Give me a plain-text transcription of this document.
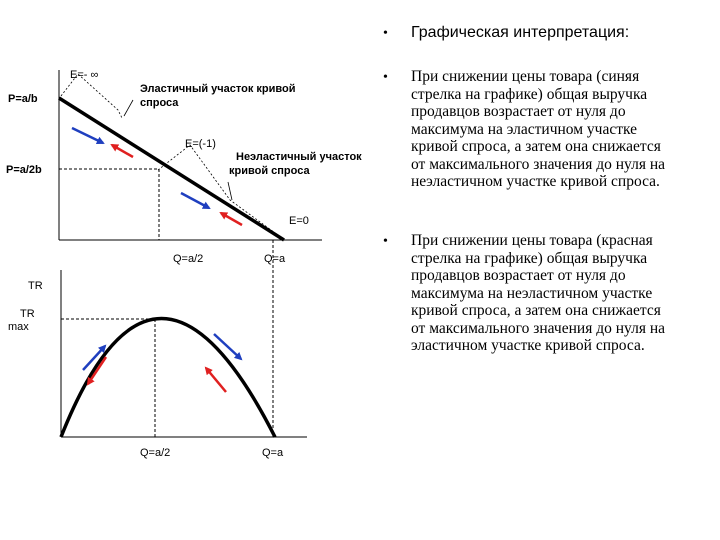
P=a/b
P=a/2b
E=- ∞
E=(-1)
E=0
Q=a/2	Q=a
Эластичный участок кривой спроса
Неэластичный участок кривой спроса
TR
TR max
Q=a/2	Q=a
• Графическая интерпретация:
• При снижении цены товара (синяя стрелка на графике) общая выручка продавцов возрастает от нуля до максимума на эластичном участке кривой спроса, а затем она снижается от максимального значения до нуля на неэластичном участке кривой спроса.
• При снижении цены товара (красная стрелка на графике) общая выручка продавцов возрастает от нуля до максимума на неэластичном участке кривой спроса, а затем она снижается от максимального значения до нуля на эластичном участке кривой спроса.
